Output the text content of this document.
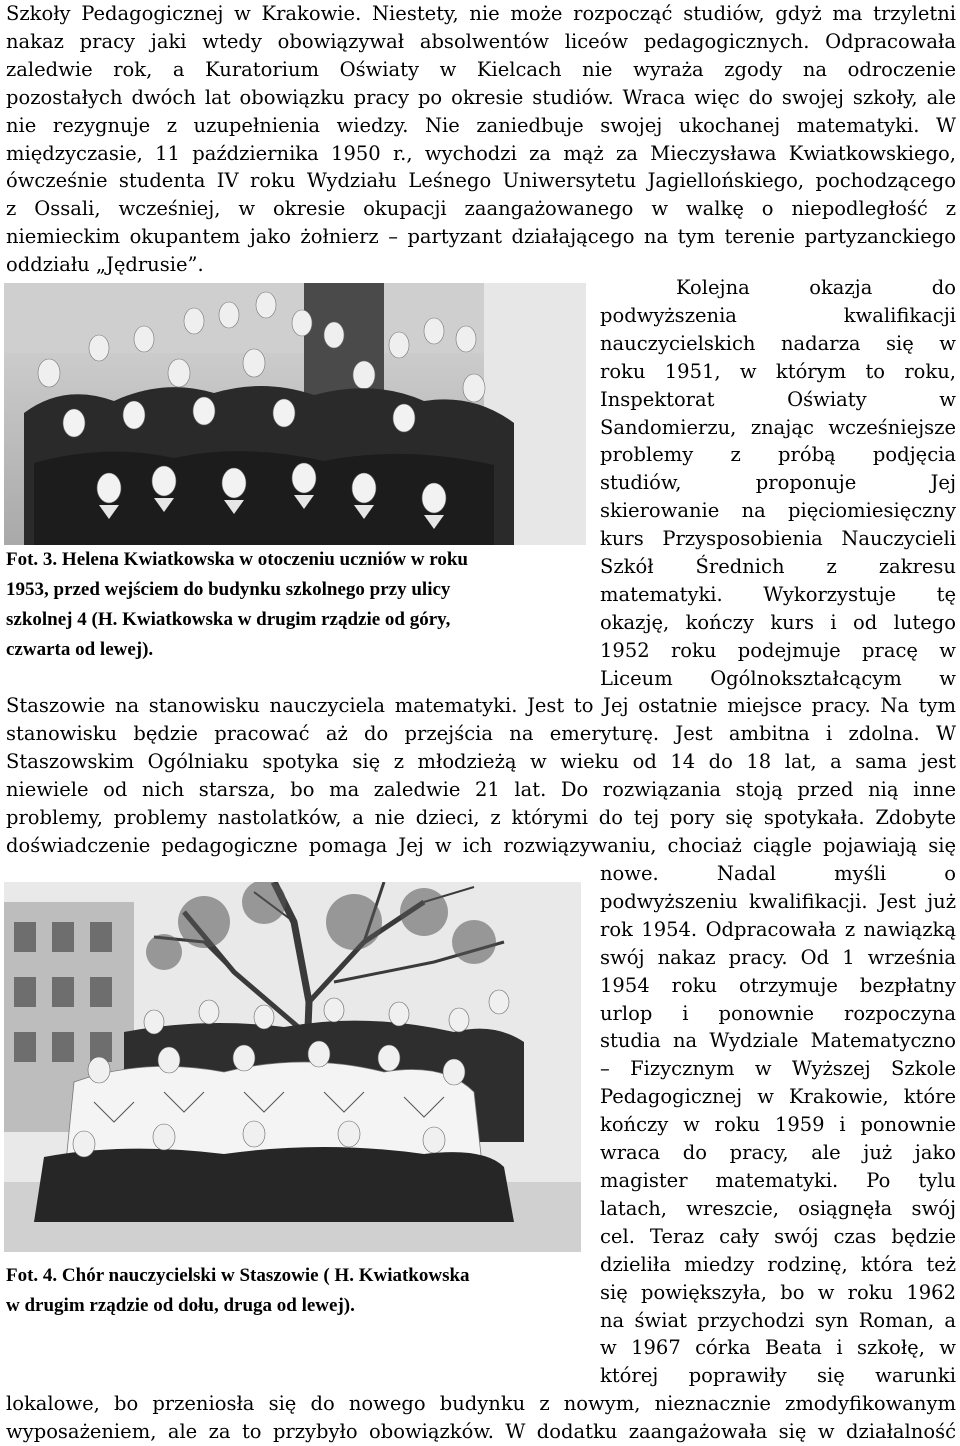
Szkoły Pedagogicznej w Krakowie. Niestety, nie może rozpocząć studiów, gdyż ma trzyletni

nakaz pracy jaki wtedy obowiązywał absolwentów liceów pedagogicznych. Odpracowała

zaledwie rok, a Kuratorium Oświaty w Kielcach nie wyraża zgody na odroczenie

pozostałych dwóch lat obowiązku pracy po okresie studiów. Wraca więc do swojej szkoły, ale

nie rezygnuje z uzupełnienia wiedzy. Nie zaniedbuje swojej ukochanej matematyki. W

międzyczasie, 11 października 1950 r., wychodzi za mąż za Mieczysława Kwiatkowskiego,

ówcześnie studenta IV roku Wydziału Leśnego Uniwersytetu Jagiellońskiego, pochodzącego

z Ossali, wcześniej, w okresie okupacji zaangażowanego w walkę o niepodległość z

niemieckim okupantem jako żołnierz – partyzant działającego na tym terenie partyzanckiego

oddziału „Jędrusie”.

Fot. 3. Helena Kwiatkowska w otoczeniu uczniów w roku

1953, przed wejściem do budynku szkolnego przy ulicy

szkolnej 4 (H. Kwiatkowska w drugim rządzie od góry,

czwarta od lewej).

Kolejna okazja do

podwyższenia kwalifikacji

nauczycielskich nadarza się w

roku 1951, w którym to roku,

Inspektorat Oświaty w

Sandomierzu, znając wcześniejsze

problemy z próbą podjęcia

studiów, proponuje Jej

skierowanie na pięciomiesięczny

kurs Przysposobienia Nauczycieli

Szkół Średnich z zakresu

matematyki. Wykorzystuje tę

okazję, kończy kurs i od lutego

1952 roku podejmuje pracę w

Liceum Ogólnokształcącym w

Staszowie na stanowisku nauczyciela matematyki. Jest to Jej ostatnie miejsce pracy. Na tym

stanowisku będzie pracować aż do przejścia na emeryturę. Jest ambitna i zdolna. W

Staszowskim Ogólniaku spotyka się z młodzieżą w wieku od 14 do 18 lat, a sama jest

niewiele od nich starsza, bo ma zaledwie 21 lat. Do rozwiązania stoją przed nią inne

problemy, problemy nastolatków, a nie dzieci, z którymi do tej pory się spotykała. Zdobyte

doświadczenie pedagogiczne pomaga Jej w ich rozwiązywaniu, chociaż ciągle pojawiają się

Fot. 4. Chór nauczycielski w Staszowie ( H. Kwiatkowska

w drugim rządzie od dołu, druga od lewej).

nowe. Nadal myśli o

podwyższeniu kwalifikacji. Jest już

rok 1954. Odpracowała z nawiązką

swój nakaz pracy. Od 1 września

1954 roku otrzymuje bezpłatny

urlop i ponownie rozpoczyna

studia na Wydziale Matematyczno

– Fizycznym w Wyższej Szkole

Pedagogicznej w Krakowie, które

kończy w roku 1959 i ponownie

wraca do pracy, ale już jako

magister matematyki. Po tylu

latach, wreszcie, osiągnęła swój

cel. Teraz cały swój czas będzie

dzieliła miedzy rodzinę, która też

się powiększyła, bo w roku 1962

na świat przychodzi syn Roman, a

w 1967 córka Beata i szkołę, w

której poprawiły się warunki

lokalowe, bo przeniosła się do nowego budynku z nowym, nieznacznie zmodyfikowanym

wyposażeniem, ale za to przybyło obowiązków. W dodatku zaangażowała się w działalność
